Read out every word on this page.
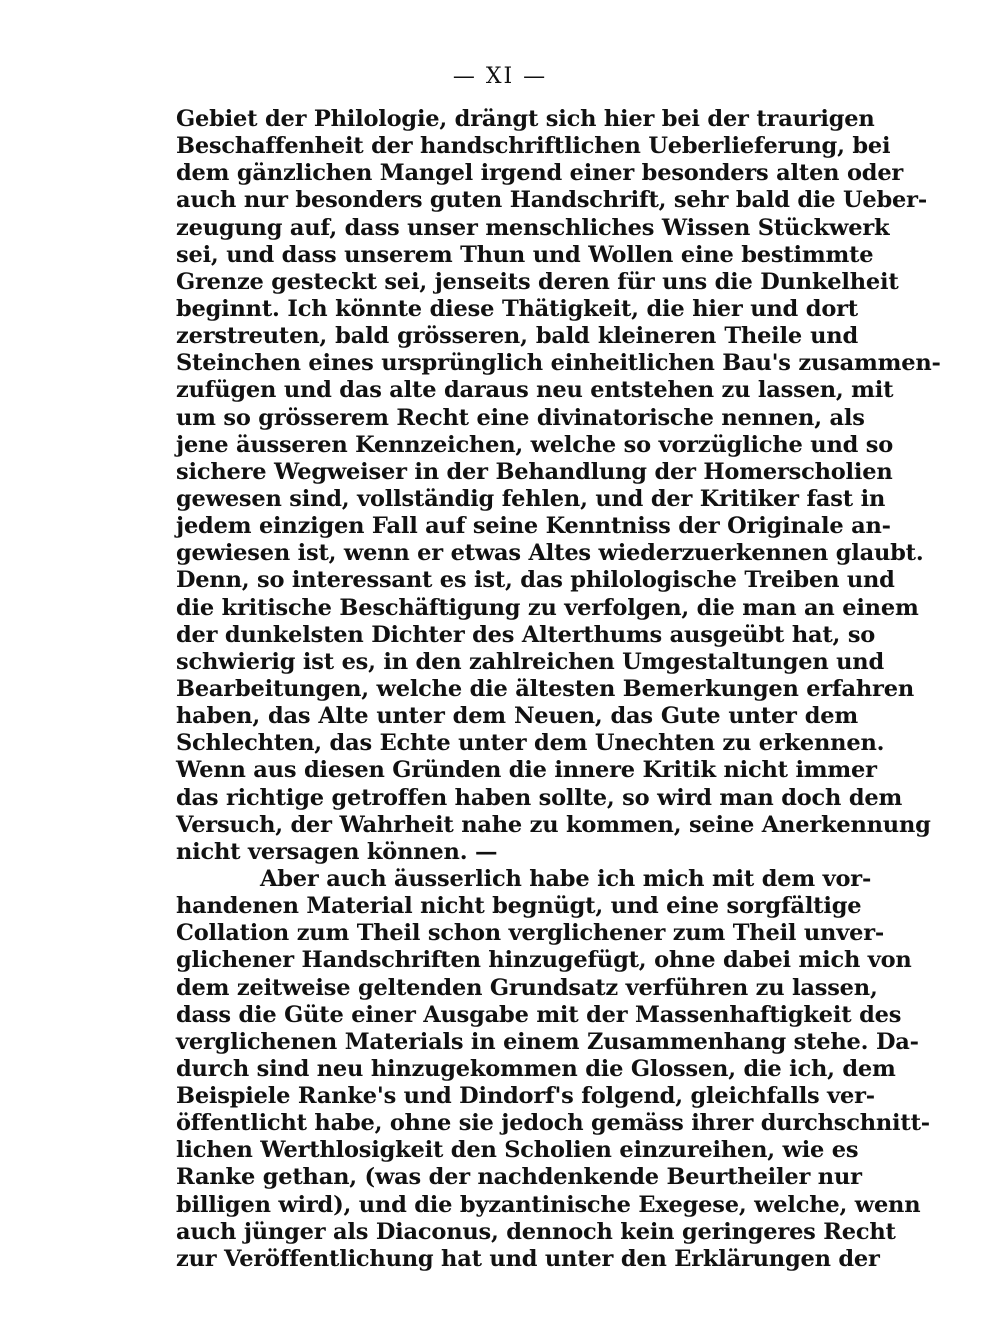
— XI —
Gebiet der Philologie, drängt sich hier bei der traurigen
Beschaffenheit der handschriftlichen Ueberlieferung, bei
dem gänzlichen Mangel irgend einer besonders alten oder
auch nur besonders guten Handschrift, sehr bald die Ueber-
zeugung auf, dass unser menschliches Wissen Stückwerk
sei, und dass unserem Thun und Wollen eine bestimmte
Grenze gesteckt sei, jenseits deren für uns die Dunkelheit
beginnt. Ich könnte diese Thätigkeit, die hier und dort
zerstreuten, bald grösseren, bald kleineren Theile und
Steinchen eines ursprünglich einheitlichen Bau's zusammen-
zufügen und das alte daraus neu entstehen zu lassen, mit
um so grösserem Recht eine divinatorische nennen, als
jene äusseren Kennzeichen, welche so vorzügliche und so
sichere Wegweiser in der Behandlung der Homerscholien
gewesen sind, vollständig fehlen, und der Kritiker fast in
jedem einzigen Fall auf seine Kenntniss der Originale an-
gewiesen ist, wenn er etwas Altes wiederzuerkennen glaubt.
Denn, so interessant es ist, das philologische Treiben und
die kritische Beschäftigung zu verfolgen, die man an einem
der dunkelsten Dichter des Alterthums ausgeübt hat, so
schwierig ist es, in den zahlreichen Umgestaltungen und
Bearbeitungen, welche die ältesten Bemerkungen erfahren
haben, das Alte unter dem Neuen, das Gute unter dem
Schlechten, das Echte unter dem Unechten zu erkennen.
Wenn aus diesen Gründen die innere Kritik nicht immer
das richtige getroffen haben sollte, so wird man doch dem
Versuch, der Wahrheit nahe zu kommen, seine Anerkennung
nicht versagen können. —
Aber auch äusserlich habe ich mich mit dem vor-
handenen Material nicht begnügt, und eine sorgfältige
Collation zum Theil schon verglichener zum Theil unver-
glichener Handschriften hinzugefügt, ohne dabei mich von
dem zeitweise geltenden Grundsatz verführen zu lassen,
dass die Güte einer Ausgabe mit der Massenhaftigkeit des
verglichenen Materials in einem Zusammenhang stehe. Da-
durch sind neu hinzugekommen die Glossen, die ich, dem
Beispiele Ranke's und Dindorf's folgend, gleichfalls ver-
öffentlicht habe, ohne sie jedoch gemäss ihrer durchschnitt-
lichen Werthlosigkeit den Scholien einzureihen, wie es
Ranke gethan, (was der nachdenkende Beurtheiler nur
billigen wird), und die byzantinische Exegese, welche, wenn
auch jünger als Diaconus, dennoch kein geringeres Recht
zur Veröffentlichung hat und unter den Erklärungen der
